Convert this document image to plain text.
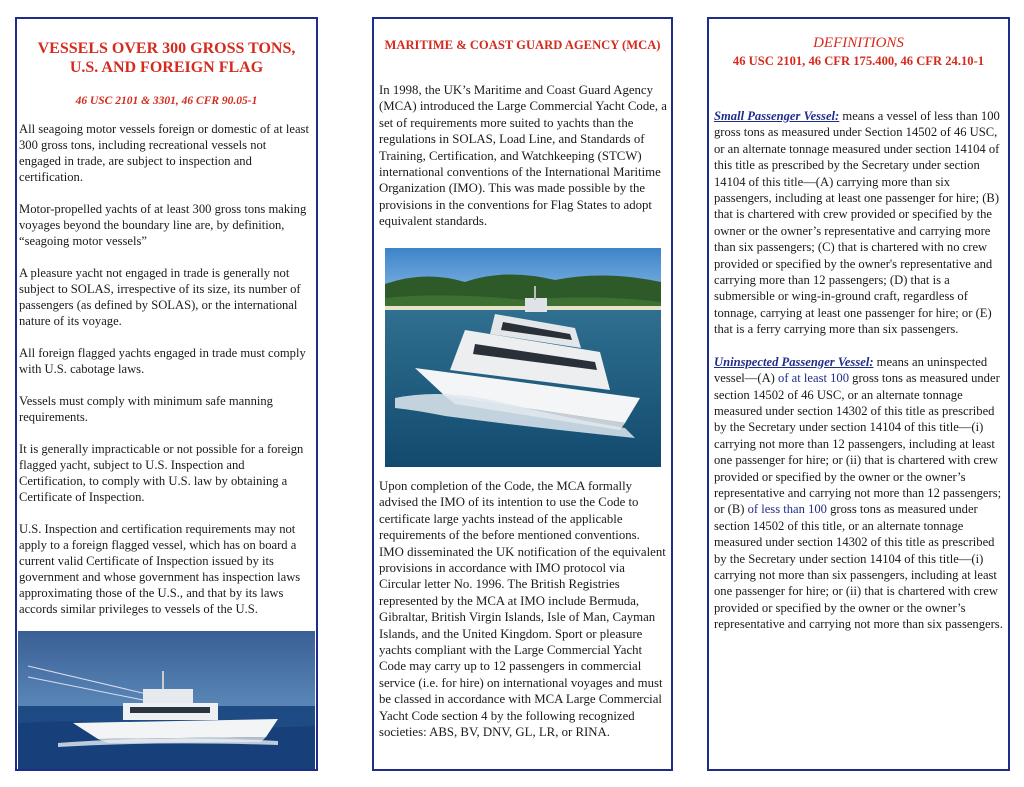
VESSELS OVER 300 GROSS TONS, U.S. AND FOREIGN FLAG
46 USC 2101 & 3301, 46 CFR 90.05-1

All seagoing motor vessels foreign or domestic of at least 300 gross tons, including recreational vessels not engaged in trade, are subject to inspection and certification.

Motor-propelled yachts of at least 300 gross tons making voyages beyond the boundary line are, by definition, “seagoing motor vessels”

A pleasure yacht not engaged in trade is generally not subject to SOLAS, irrespective of its size, its number of passengers (as defined by SOLAS), or the international nature of its voyage.

All foreign flagged yachts engaged in trade must comply with U.S. cabotage laws.

Vessels must comply with minimum safe manning requirements.

It is generally impracticable or not possible for a foreign flagged yacht, subject to U.S. Inspection and Certification, to comply with U.S. law by obtaining a Certificate of Inspection.

U.S. Inspection and certification requirements may not apply to a foreign flagged vessel, which has on board a current valid Certificate of Inspection issued by its government and whose government has inspection laws approximating those of the U.S., and that by its laws accords similar privileges to vessels of the U.S.

MARITIME & COAST GUARD AGENCY (MCA)
In 1998, the UK’s Maritime and Coast Guard Agency (MCA) introduced the Large Commercial Yacht Code, a set of requirements more suited to yachts than the regulations in SOLAS, Load Line, and Standards of Training, Certification, and Watchkeeping (STCW) international conventions of the International Maritime Organization (IMO). This was made possible by the provisions in the conventions for Flag States to adopt equivalent standards.
Upon completion of the Code, the MCA formally advised the IMO of its intention to use the Code to certificate large yachts instead of the applicable requirements of the before mentioned conventions. IMO disseminated the UK notification of the equivalent provisions in accordance with IMO protocol via Circular letter No. 1996. The British Registries represented by the MCA at IMO include Bermuda, Gibraltar, British Virgin Islands, Isle of Man, Cayman Islands, and the United Kingdom. Sport or pleasure yachts compliant with the Large Commercial Yacht Code may carry up to 12 passengers in commercial service (i.e. for hire) on international voyages and must be classed in accordance with MCA Large Commercial Yacht Code section 4 by the following recognized societies: ABS, BV, DNV, GL, LR, or RINA.
DEFINITIONS
46 USC 2101, 46 CFR 175.400, 46 CFR 24.10-1

Small Passenger Vessel: means a vessel of less than 100 gross tons as measured under Section 14502 of 46 USC, or an alternate tonnage measured under section 14104 of this title as prescribed by the Secretary under section 14104 of this title—(A) carrying more than six passengers, including at least one passenger for hire; (B) that is chartered with crew provided or specified by the owner or the owner’s representative and carrying more than six passengers; (C) that is chartered with no crew provided or specified by the owner's representative and carrying more than 12 passengers; (D) that is a submersible or wing-in-ground craft, regardless of tonnage, carrying at least one passenger for hire; or (E) that is a ferry carrying more than six passengers.

Uninspected Passenger Vessel: means an uninspected vessel—(A) of at least 100 gross tons as measured under section 14502 of 46 USC, or an alternate tonnage measured under section 14302 of this title as prescribed by the Secretary under section 14104 of this title—(i) carrying not more than 12 passengers, including at least one passenger for hire; or (ii) that is chartered with crew provided or specified by the owner or the owner’s representative and carrying not more than 12 passengers; or (B) of less than 100 gross tons as measured under section 14502 of this title, or an alternate tonnage measured under section 14302 of this title as prescribed by the Secretary under section 14104 of this title—(i) carrying not more than six passengers, including at least one passenger for hire; or (ii) that is chartered with crew provided or specified by the owner or the owner’s representative and carrying not more than six passengers.
